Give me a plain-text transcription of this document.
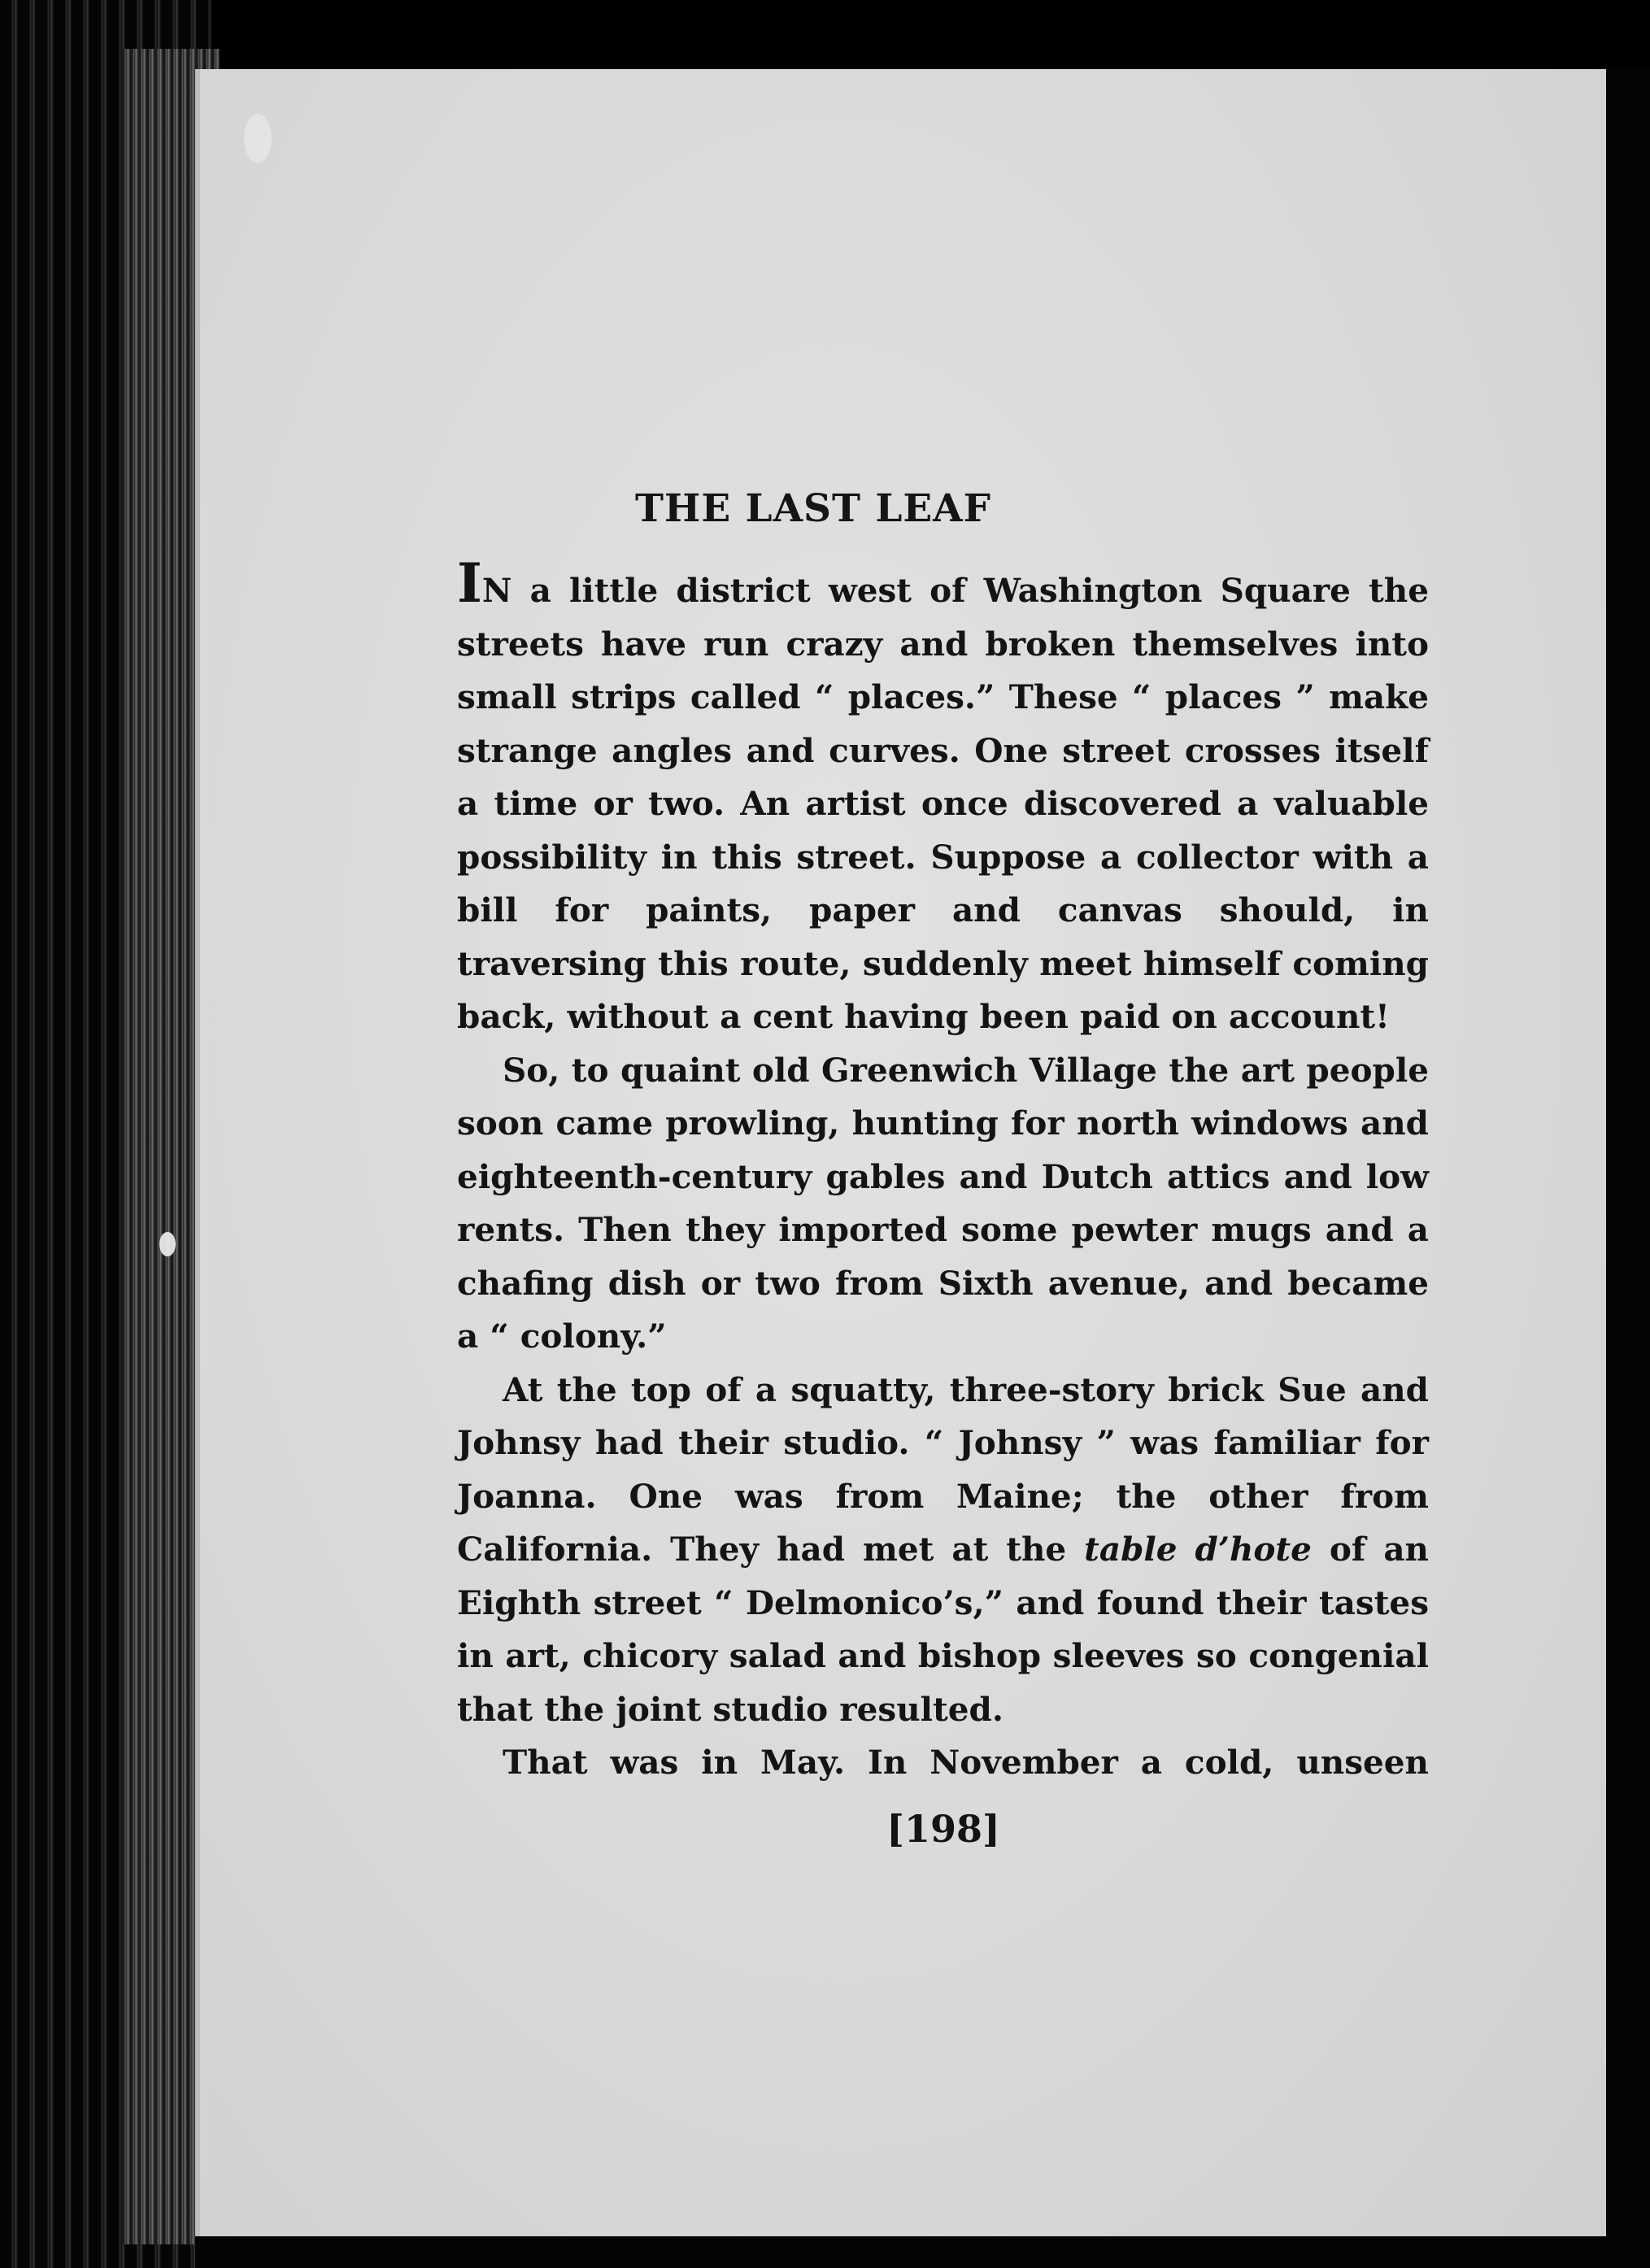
THE LAST LEAF

IN a little district west of Washington Square the streets have run crazy and broken themselves into small strips called “ places.” These “ places ” make strange angles and curves. One street crosses itself a time or two. An artist once discovered a valuable possibility in this street. Suppose a collector with a bill for paints, paper and canvas should, in traversing this route, suddenly meet himself coming back, without a cent having been paid on account!

So, to quaint old Greenwich Village the art people soon came prowling, hunting for north windows and eighteenth-century gables and Dutch attics and low rents. Then they imported some pewter mugs and a chafing dish or two from Sixth avenue, and became a “ colony.”

At the top of a squatty, three-story brick Sue and Johnsy had their studio. “ Johnsy ” was familiar for Joanna. One was from Maine; the other from California. They had met at the table d’hote of an Eighth street “ Delmonico’s,” and found their tastes in art, chicory salad and bishop sleeves so congenial that the joint studio resulted.

That was in May. In November a cold, unseen

[198]
